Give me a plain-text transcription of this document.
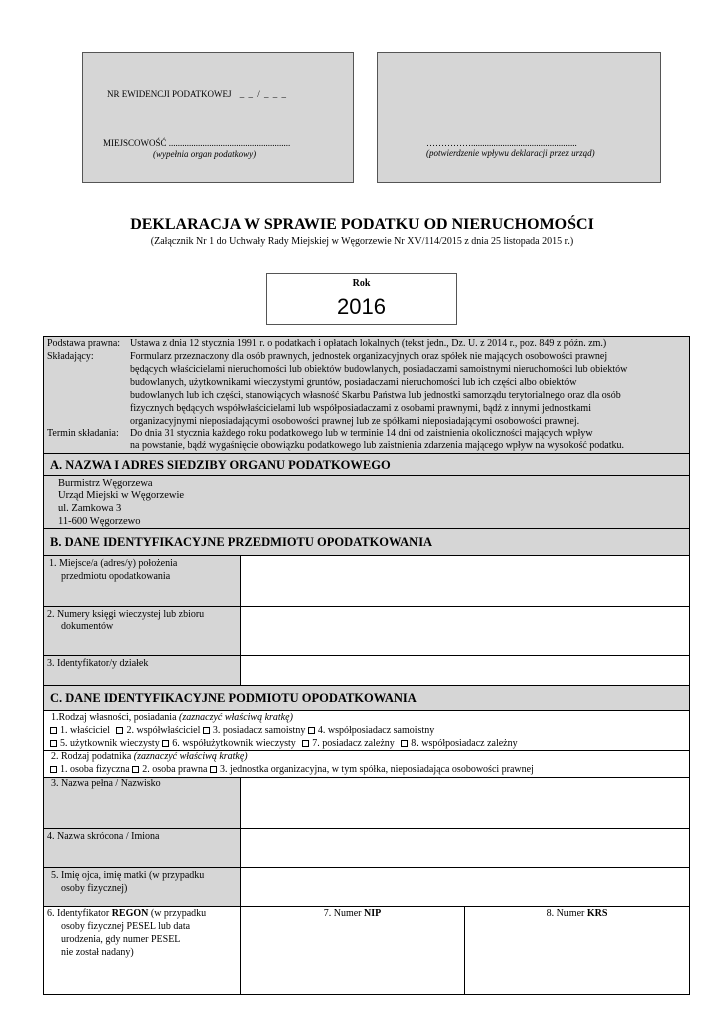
NR EWIDENCJI PODATKOWEJ _ _ / _ _ _
MIEJSCOWOŚĆ ......................................................
(wypełnia organ podatkowy)
……………...............................................
(potwierdzenie wpływu deklaracji przez urząd)
DEKLARACJA W SPRAWIE PODATKU OD NIERUCHOMOŚCI
(Załącznik Nr 1 do Uchwały Rady Miejskiej w Węgorzewie Nr XV/114/2015 z dnia 25 listopada 2015 r.)
Rok
2016
Podstawa prawna: Ustawa z dnia 12 stycznia 1991 r. o podatkach i opłatach lokalnych (tekst jedn., Dz. U. z 2014 r., poz. 849 z późn. zm.)
Składający:	Formularz przeznaczony dla osób prawnych, jednostek organizacyjnych oraz spółek nie mających osobowości prawnej
będących właścicielami nieruchomości lub obiektów budowlanych, posiadaczami samoistnymi nieruchomości lub obiektów
budowlanych, użytkownikami wieczystymi gruntów, posiadaczami nieruchomości lub ich części albo obiektów
budowlanych lub ich części, stanowiących własność Skarbu Państwa lub jednostki samorządu terytorialnego oraz dla osób
fizycznych będących współwłaścicielami lub współposiadaczami z osobami prawnymi, bądź z innymi jednostkami
organizacyjnymi nieposiadającymi osobowości prawnej lub ze spółkami nieposiadającymi osobowości prawnej.
Termin składania: Do dnia 31 stycznia każdego roku podatkowego lub w terminie 14 dni od zaistnienia okoliczności mających wpływ
na powstanie, bądź wygaśnięcie obowiązku podatkowego lub zaistnienia zdarzenia mającego wpływ na wysokość podatku.
A. NAZWA I ADRES SIEDZIBY ORGANU PODATKOWEGO
Burmistrz Węgorzewa
Urząd Miejski w Węgorzewie
ul. Zamkowa 3
11-600 Węgorzewo
B. DANE IDENTYFIKACYJNE PRZEDMIOTU OPODATKOWANIA
1. Miejsce/a (adres/y) położenia
przedmiotu opodatkowania
2. Numery księgi wieczystej lub zbioru
dokumentów
3. Identyfikator/y działek
C. DANE IDENTYFIKACYJNE PODMIOTU OPODATKOWANIA
1.Rodzaj własności, posiadania (zaznaczyć właściwą kratkę)
1. właściciel 2. współwłaściciel 3. posiadacz samoistny 4. współposiadacz samoistny
5. użytkownik wieczysty 6. współużytkownik wieczysty 7. posiadacz zależny 8. współposiadacz zależny
2. Rodzaj podatnika (zaznaczyć właściwą kratkę)
1. osoba fizyczna 2. osoba prawna 3. jednostka organizacyjna, w tym spółka, nieposiadająca osobowości prawnej
3. Nazwa pełna / Nazwisko
4. Nazwa skrócona / Imiona
5. Imię ojca, imię matki (w przypadku
osoby fizycznej)
6. Identyfikator REGON (w przypadku
osoby fizycznej PESEL lub data
urodzenia, gdy numer PESEL
nie został nadany)
7. Numer NIP	8. Numer KRS
